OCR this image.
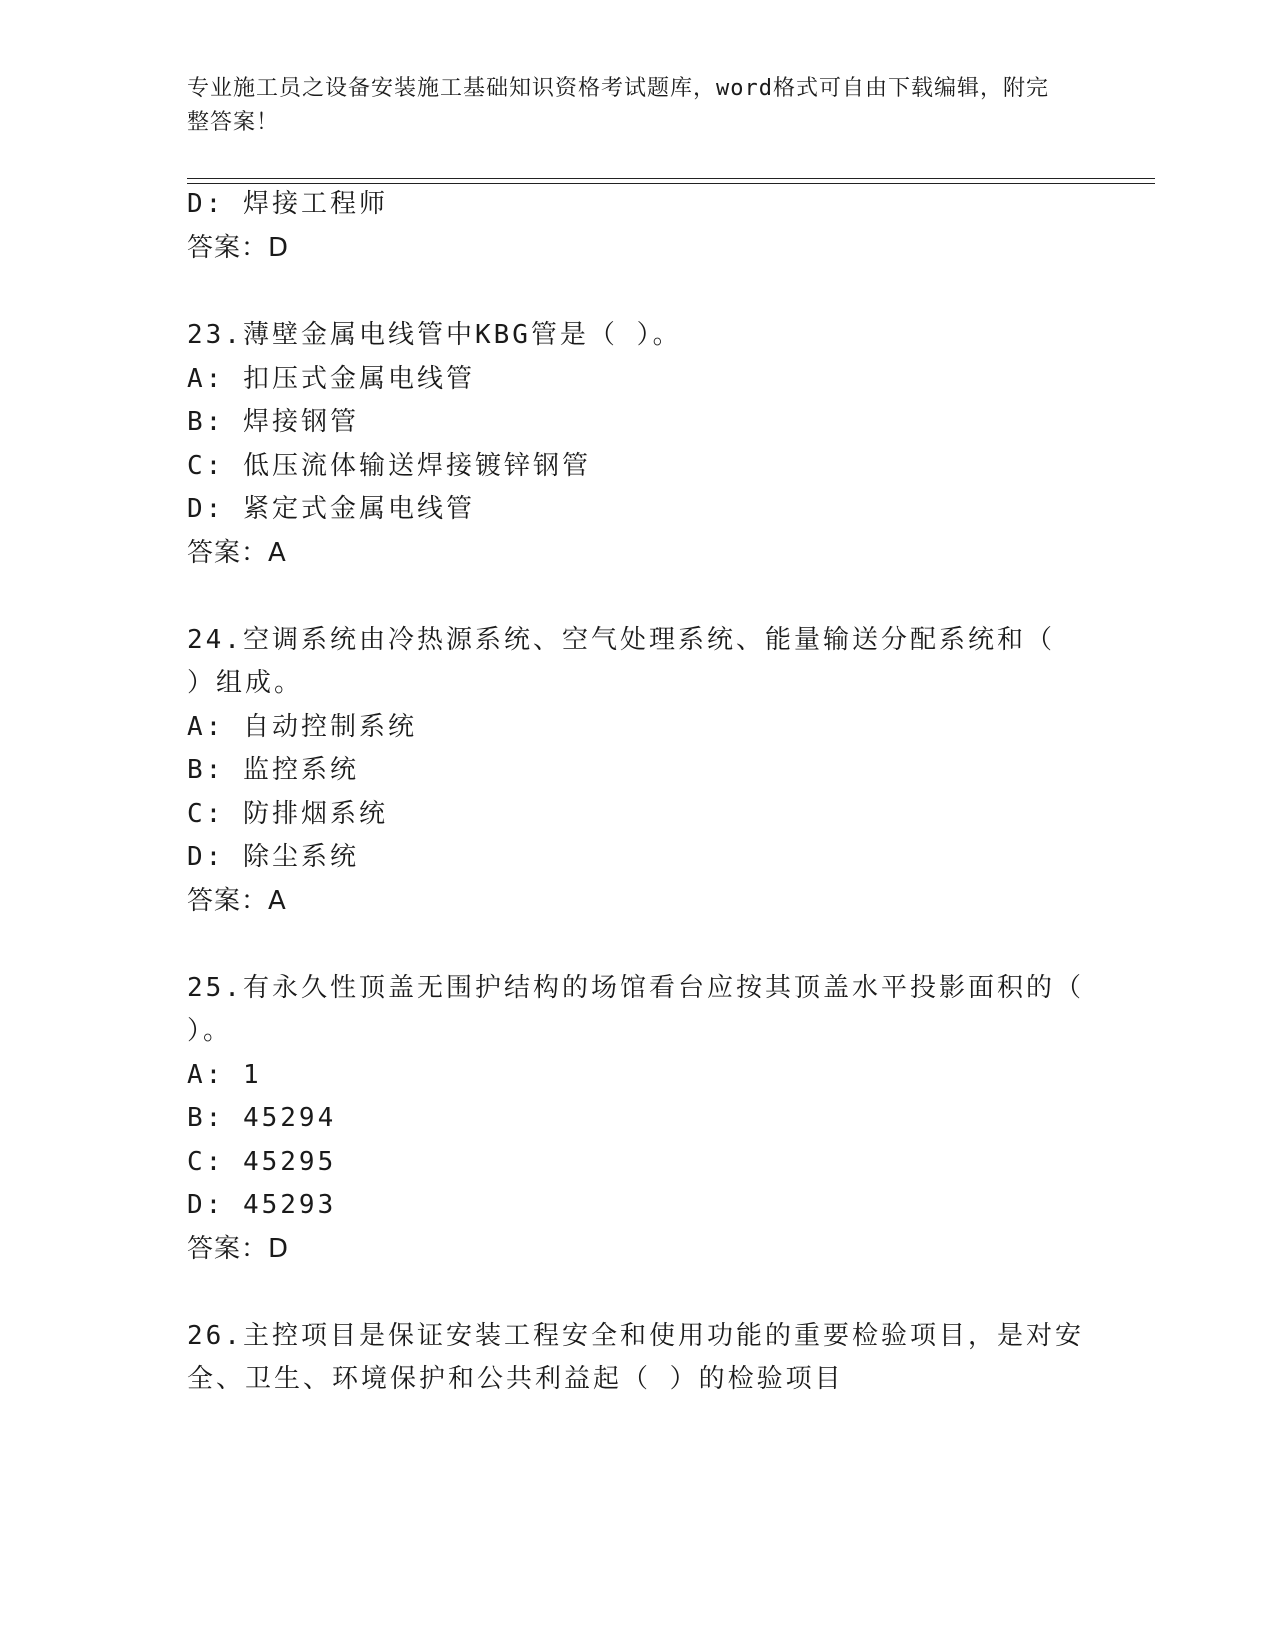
专业施工员之设备安装施工基础知识资格考试题库，word格式可自由下载编辑，附完整答案！
D: 焊接工程师
答案：D
23.薄壁金属电线管中KBG管是（ ）。
A: 扣压式金属电线管
B: 焊接钢管
C: 低压流体输送焊接镀锌钢管
D: 紧定式金属电线管
答案：A
24.空调系统由冷热源系统、空气处理系统、能量输送分配系统和（
）组成。
A: 自动控制系统
B: 监控系统
C: 防排烟系统
D: 除尘系统
答案：A
25.有永久性顶盖无围护结构的场馆看台应按其顶盖水平投影面积的（
）。
A: 1
B: 45294
C: 45295
D: 45293
答案：D
26.主控项目是保证安装工程安全和使用功能的重要检验项目，是对安
全、卫生、环境保护和公共利益起（ ）的检验项目
